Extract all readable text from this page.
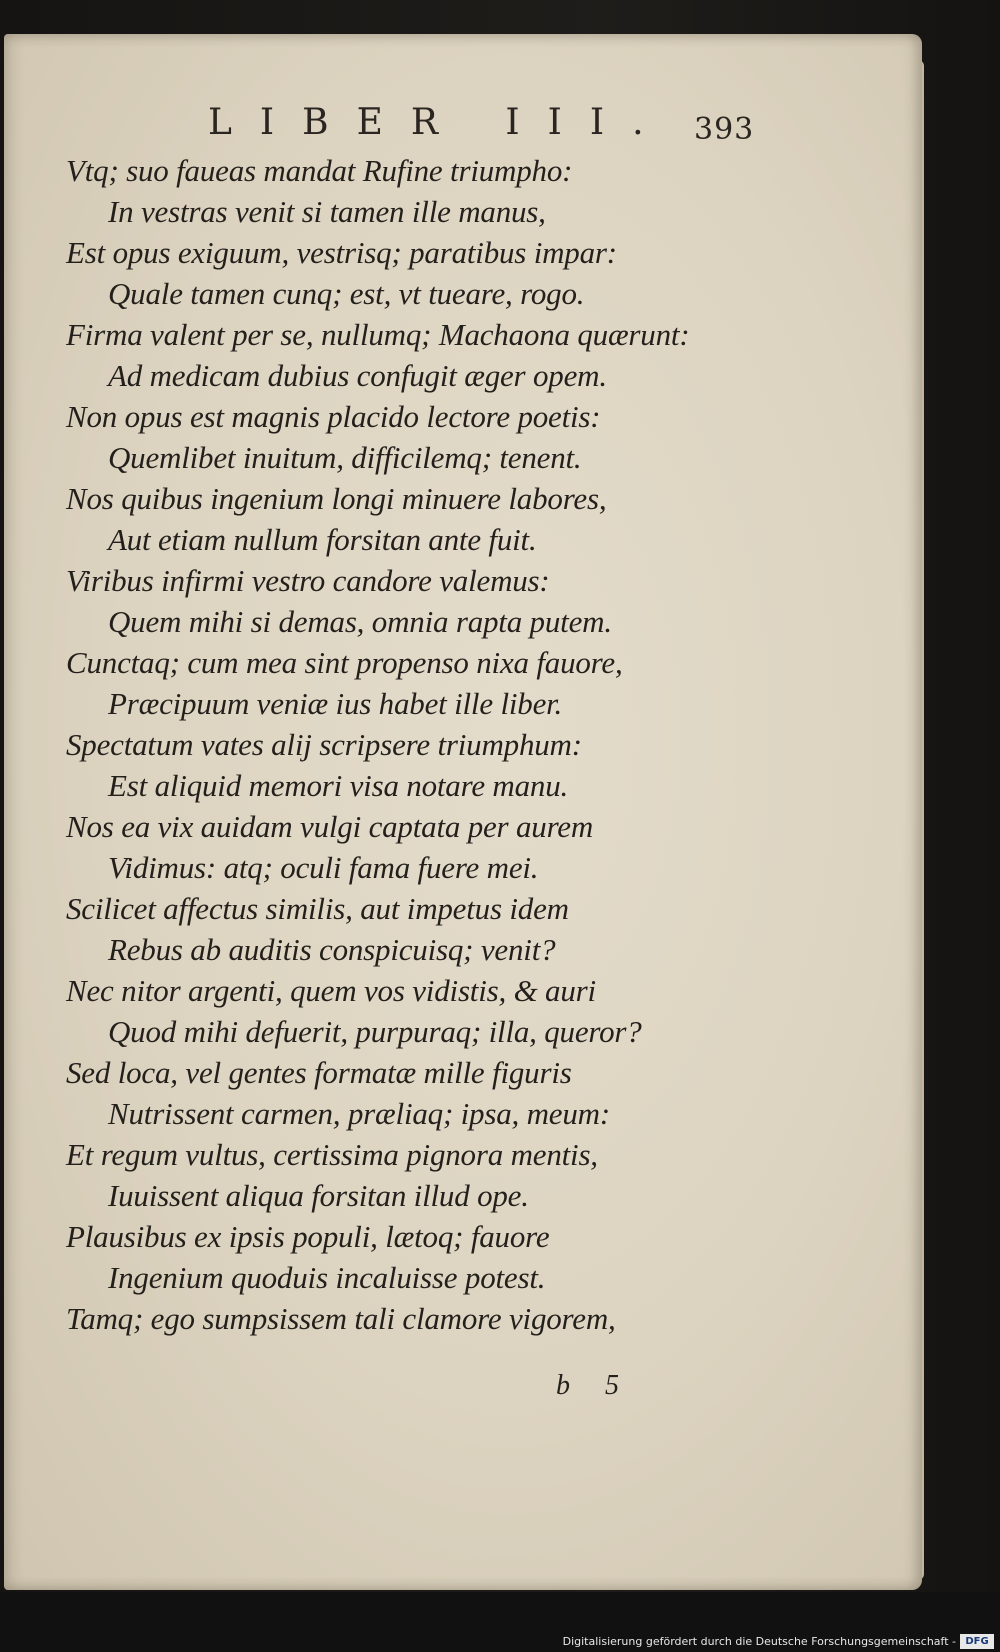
LIBER III. 393
Vtq; suo faueas mandat Rufine triumpho:
In vestras venit si tamen ille manus,
Est opus exiguum, vestrisq; paratibus impar:
Quale tamen cunq; est, vt tueare, rogo.
Firma valent per se, nullumq; Machaona quærunt:
Ad medicam dubius confugit æger opem.
Non opus est magnis placido lectore poetis:
Quemlibet inuitum, difficilemq; tenent.
Nos quibus ingenium longi minuere labores,
Aut etiam nullum forsitan ante fuit.
Viribus infirmi vestro candore valemus:
Quem mihi si demas, omnia rapta putem.
Cunctaq; cum mea sint propenso nixa fauore,
Præcipuum veniæ ius habet ille liber.
Spectatum vates alij scripsere triumphum:
Est aliquid memori visa notare manu.
Nos ea vix auidam vulgi captata per aurem
Vidimus: atq; oculi fama fuere mei.
Scilicet affectus similis, aut impetus idem
Rebus ab auditis conspicuisq; venit?
Nec nitor argenti, quem vos vidistis, & auri
Quod mihi defuerit, purpuraq; illa, queror?
Sed loca, vel gentes formatæ mille figuris
Nutrissent carmen, præliaq; ipsa, meum:
Et regum vultus, certissima pignora mentis,
Iuuissent aliqua forsitan illud ope.
Plausibus ex ipsis populi, lætoq; fauore
Ingenium quoduis incaluisse potest.
Tamq; ego sumpsissem tali clamore vigorem,
b 5
Digitalisierung gefördert durch die Deutsche Forschungsgemeinschaft - DFG
